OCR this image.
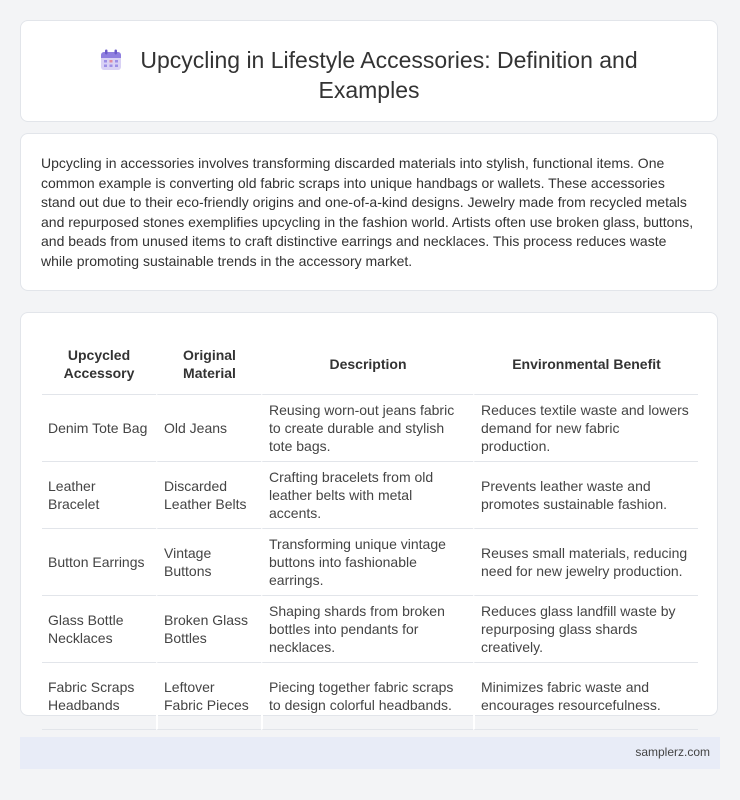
Upcycling in Lifestyle Accessories: Definition and Examples

Upcycling in accessories involves transforming discarded materials into stylish, functional items. One common example is converting old fabric scraps into unique handbags or wallets. These accessories stand out due to their eco-friendly origins and one-of-a-kind designs. Jewelry made from recycled metals and repurposed stones exemplifies upcycling in the fashion world. Artists often use broken glass, buttons, and beads from unused items to craft distinctive earrings and necklaces. This process reduces waste while promoting sustainable trends in the accessory market.

Upcycled Accessory	Original Material	Description	Environmental Benefit
Denim Tote Bag	Old Jeans	Reusing worn-out jeans fabric to create durable and stylish tote bags.	Reduces textile waste and lowers demand for new fabric production.
Leather Bracelet	Discarded Leather Belts	Crafting bracelets from old leather belts with metal accents.	Prevents leather waste and promotes sustainable fashion.
Button Earrings	Vintage Buttons	Transforming unique vintage buttons into fashionable earrings.	Reuses small materials, reducing need for new jewelry production.
Glass Bottle Necklaces	Broken Glass Bottles	Shaping shards from broken bottles into pendants for necklaces.	Reduces glass landfill waste by repurposing glass shards creatively.
Fabric Scraps Headbands	Leftover Fabric Pieces	Piecing together fabric scraps to design colorful headbands.	Minimizes fabric waste and encourages resourcefulness.
samplerz.com
